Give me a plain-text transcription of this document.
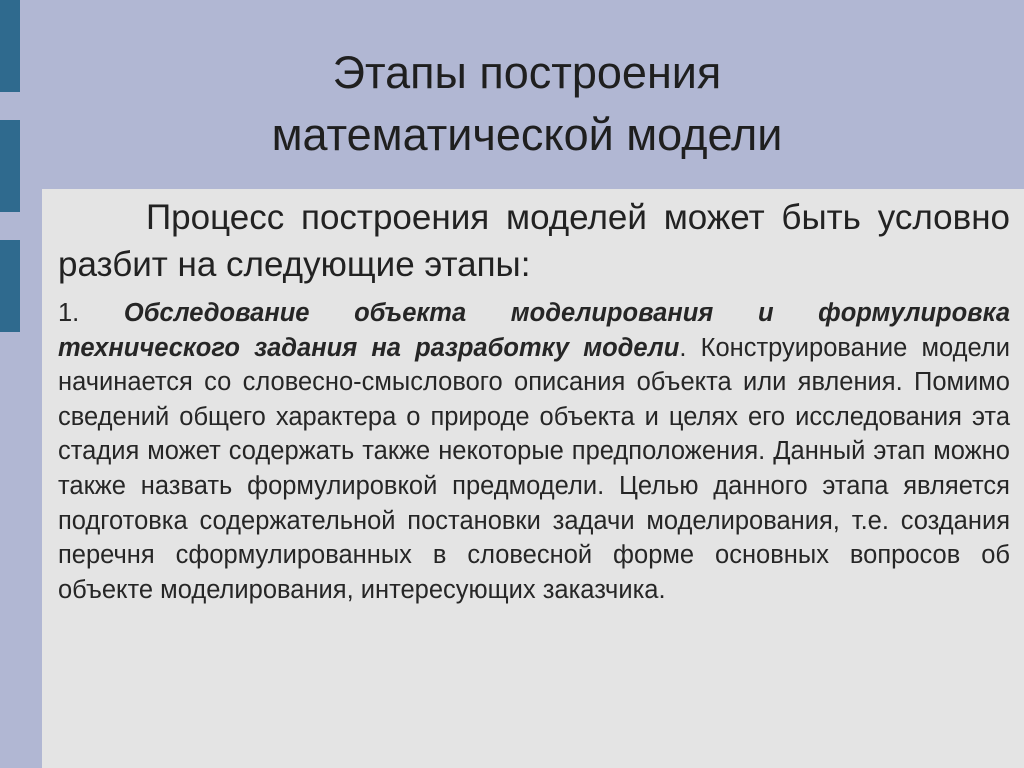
Этапы построения
математической модели

Процесс построения моделей может быть условно разбит на следующие этапы:

1. Обследование объекта моделирования и формулировка технического задания на разработку модели. Конструирование модели начинается со словесно-смыслового описания объекта или явления. Помимо сведений общего характера о природе объекта и целях его исследования эта стадия может содержать также некоторые предположения. Данный этап можно также назвать формулировкой предмодели. Целью данного этапа является подготовка содержательной постановки задачи моделирования, т.е. создания перечня сформулированных в словесной форме основных вопросов об объекте моделирования, интересующих заказчика.
